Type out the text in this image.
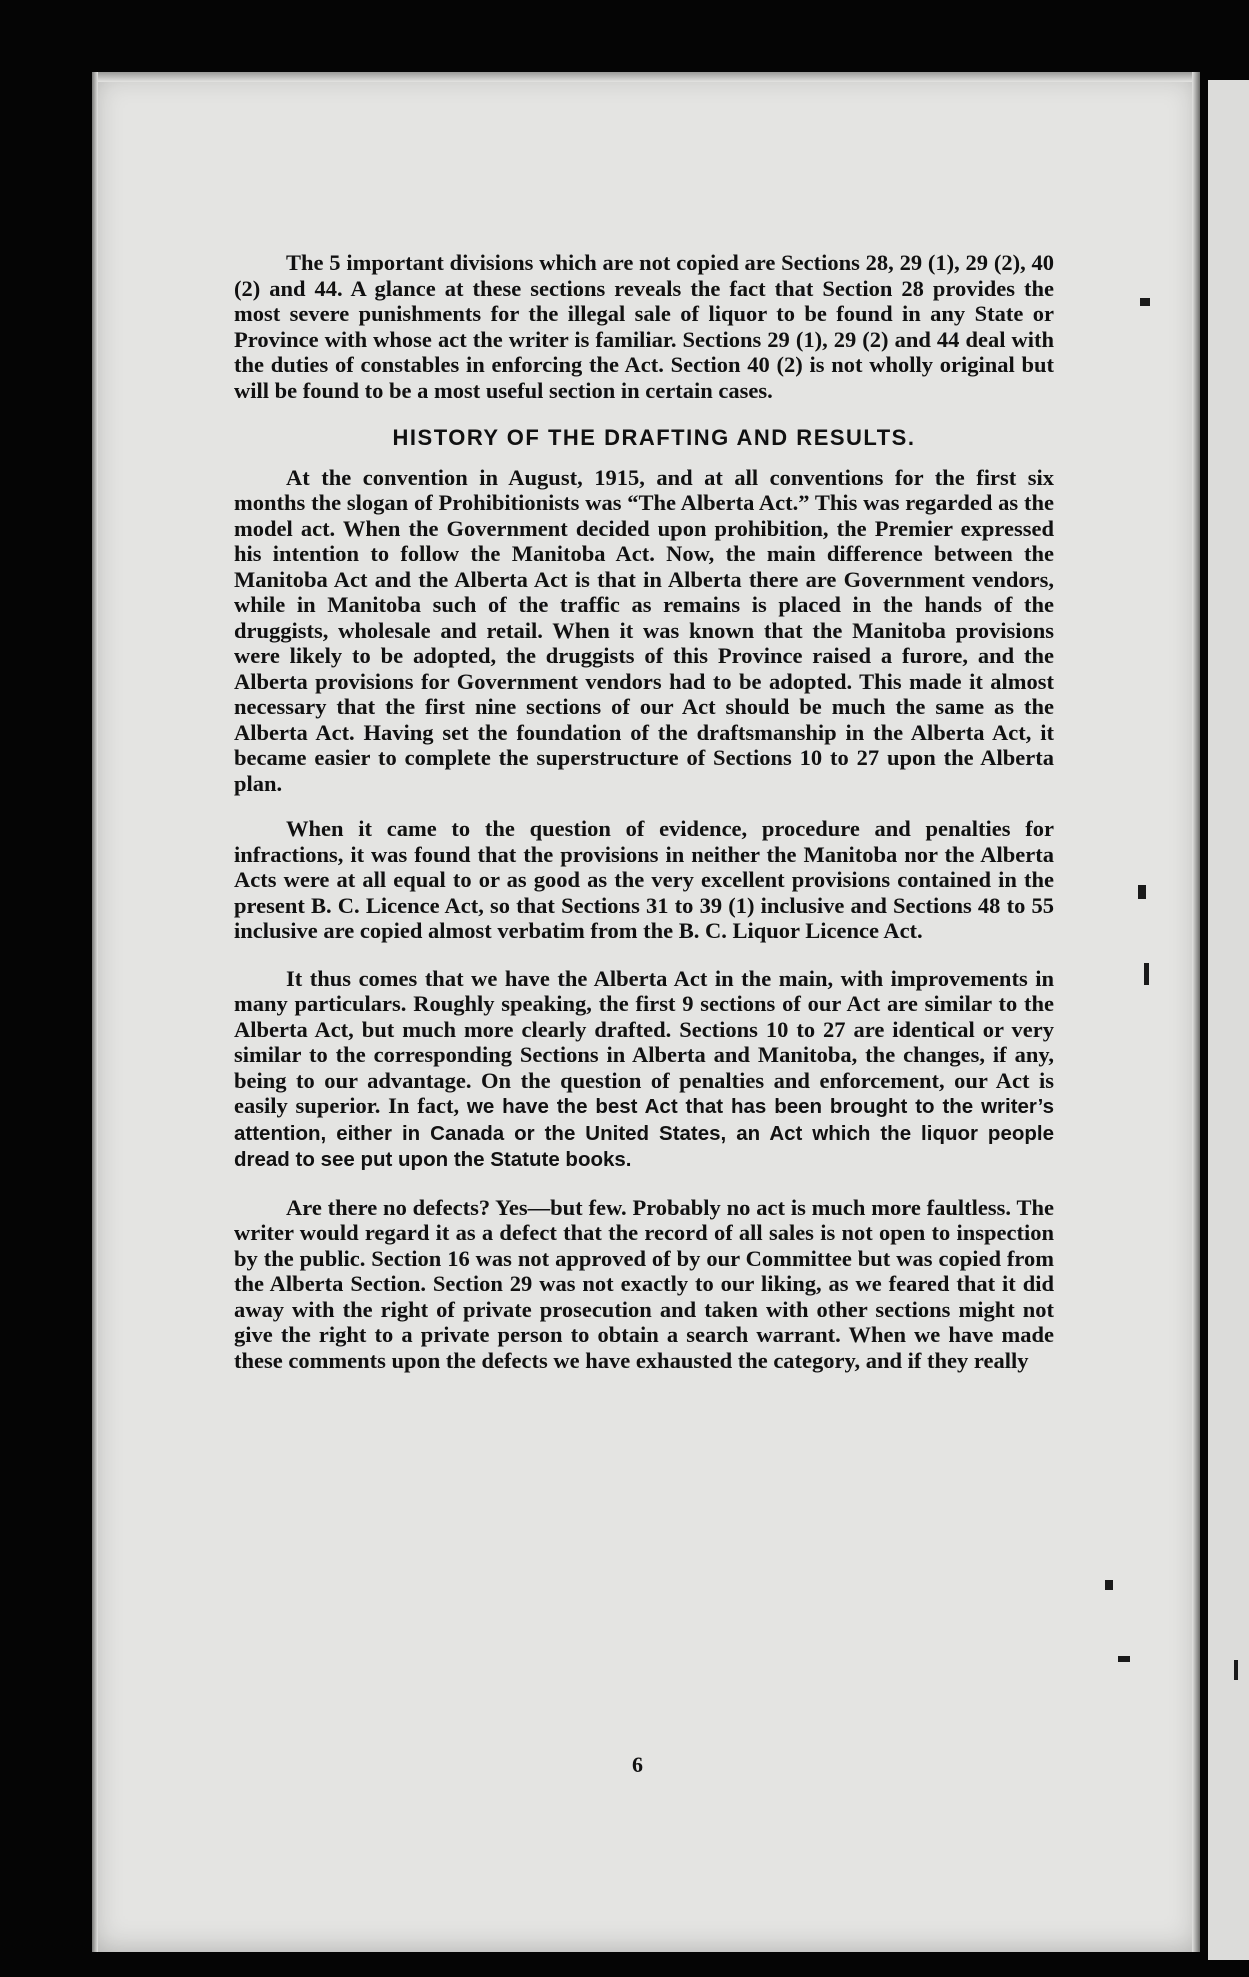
The 5 important divisions which are not copied are Sections 28, 29 (1), 29 (2), 40 (2) and 44. A glance at these sections reveals the fact that Section 28 provides the most severe punishments for the illegal sale of liquor to be found in any State or Province with whose act the writer is familiar. Sections 29 (1), 29 (2) and 44 deal with the duties of constables in enforcing the Act. Section 40 (2) is not wholly original but will be found to be a most useful section in certain cases.

HISTORY OF THE DRAFTING AND RESULTS.

At the convention in August, 1915, and at all conventions for the first six months the slogan of Prohibitionists was “The Alberta Act.” This was regarded as the model act. When the Government decided upon prohibition, the Premier expressed his intention to follow the Manitoba Act. Now, the main difference between the Manitoba Act and the Alberta Act is that in Alberta there are Government vendors, while in Manitoba such of the traffic as remains is placed in the hands of the druggists, wholesale and retail. When it was known that the Manitoba provisions were likely to be adopted, the druggists of this Province raised a furore, and the Alberta provisions for Government vendors had to be adopted. This made it almost necessary that the first nine sections of our Act should be much the same as the Alberta Act. Having set the foundation of the draftsmanship in the Alberta Act, it became easier to complete the superstructure of Sections 10 to 27 upon the Alberta plan.

When it came to the question of evidence, procedure and penalties for infractions, it was found that the provisions in neither the Manitoba nor the Alberta Acts were at all equal to or as good as the very excellent provisions contained in the present B. C. Licence Act, so that Sections 31 to 39 (1) inclusive and Sections 48 to 55 inclusive are copied almost verbatim from the B. C. Liquor Licence Act.

It thus comes that we have the Alberta Act in the main, with improvements in many particulars. Roughly speaking, the first 9 sections of our Act are similar to the Alberta Act, but much more clearly drafted. Sections 10 to 27 are identical or very similar to the corresponding Sections in Alberta and Manitoba, the changes, if any, being to our advantage. On the question of penalties and enforcement, our Act is easily superior. In fact, we have the best Act that has been brought to the writer’s attention, either in Canada or the United States, an Act which the liquor people dread to see put upon the Statute books.

Are there no defects? Yes—but few. Probably no act is much more faultless. The writer would regard it as a defect that the record of all sales is not open to inspection by the public. Section 16 was not approved of by our Committee but was copied from the Alberta Section. Section 29 was not exactly to our liking, as we feared that it did away with the right of private prosecution and taken with other sections might not give the right to a private person to obtain a search warrant. When we have made these comments upon the defects we have exhausted the category, and if they really

6
